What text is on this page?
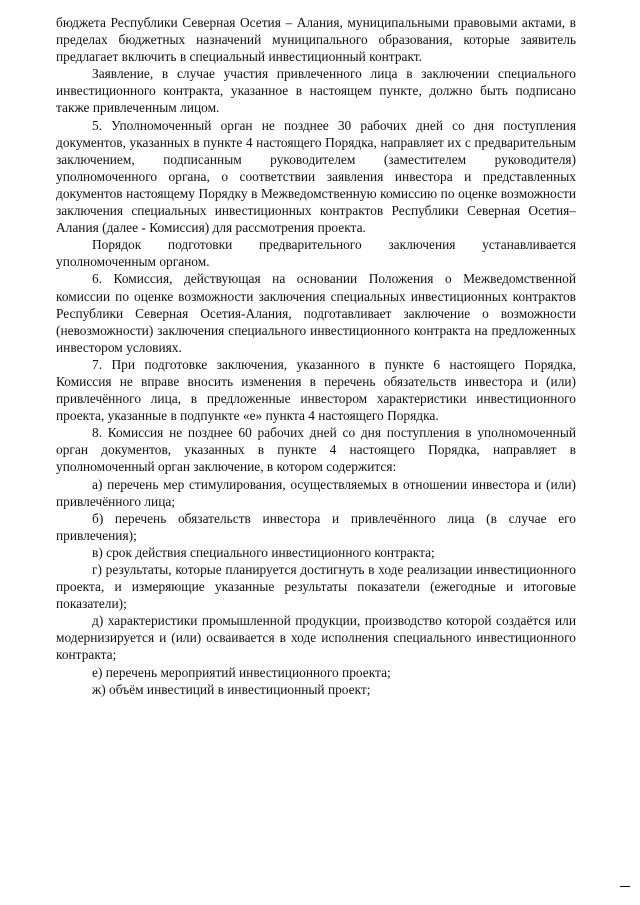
бюджета Республики Северная Осетия – Алания, муниципальными правовыми актами, в пределах бюджетных назначений муниципального образования, которые заявитель предлагает включить в специальный инвестиционный контракт.

Заявление, в случае участия привлеченного лица в заключении специального инвестиционного контракта, указанное в настоящем пункте, должно быть подписано также привлеченным лицом.

5. Уполномоченный орган не позднее 30 рабочих дней со дня поступления документов, указанных в пункте 4 настоящего Порядка, направляет их с предварительным заключением, подписанным руководителем (заместителем руководителя) уполномоченного органа, о соответствии заявления инвестора и представленных документов настоящему Порядку в Межведомственную комиссию по оценке возможности заключения специальных инвестиционных контрактов Республики Северная Осетия–Алания (далее - Комиссия) для рассмотрения проекта.

Порядок подготовки предварительного заключения устанавливается уполномоченным органом.

6. Комиссия, действующая на основании Положения о Межведомственной комиссии по оценке возможности заключения специальных инвестиционных контрактов Республики Северная Осетия-Алания, подготавливает заключение о возможности (невозможности) заключения специального инвестиционного контракта на предложенных инвестором условиях.

7. При подготовке заключения, указанного в пункте 6 настоящего Порядка, Комиссия не вправе вносить изменения в перечень обязательств инвестора и (или) привлечённого лица, в предложенные инвестором характеристики инвестиционного проекта, указанные в подпункте «е» пункта 4 настоящего Порядка.

8. Комиссия не позднее 60 рабочих дней со дня поступления в уполномоченный орган документов, указанных в пункте 4 настоящего Порядка, направляет в уполномоченный орган заключение, в котором содержится:

а) перечень мер стимулирования, осуществляемых в отношении инвестора и (или) привлечённого лица;

б) перечень обязательств инвестора и привлечённого лица (в случае его привлечения);

в) срок действия специального инвестиционного контракта;

г) результаты, которые планируется достигнуть в ходе реализации инвестиционного проекта, и измеряющие указанные результаты показатели (ежегодные и итоговые показатели);

д) характеристики промышленной продукции, производство которой создаётся или модернизируется и (или) осваивается в ходе исполнения специального инвестиционного контракта;

е) перечень мероприятий инвестиционного проекта;

ж) объём инвестиций в инвестиционный проект;
